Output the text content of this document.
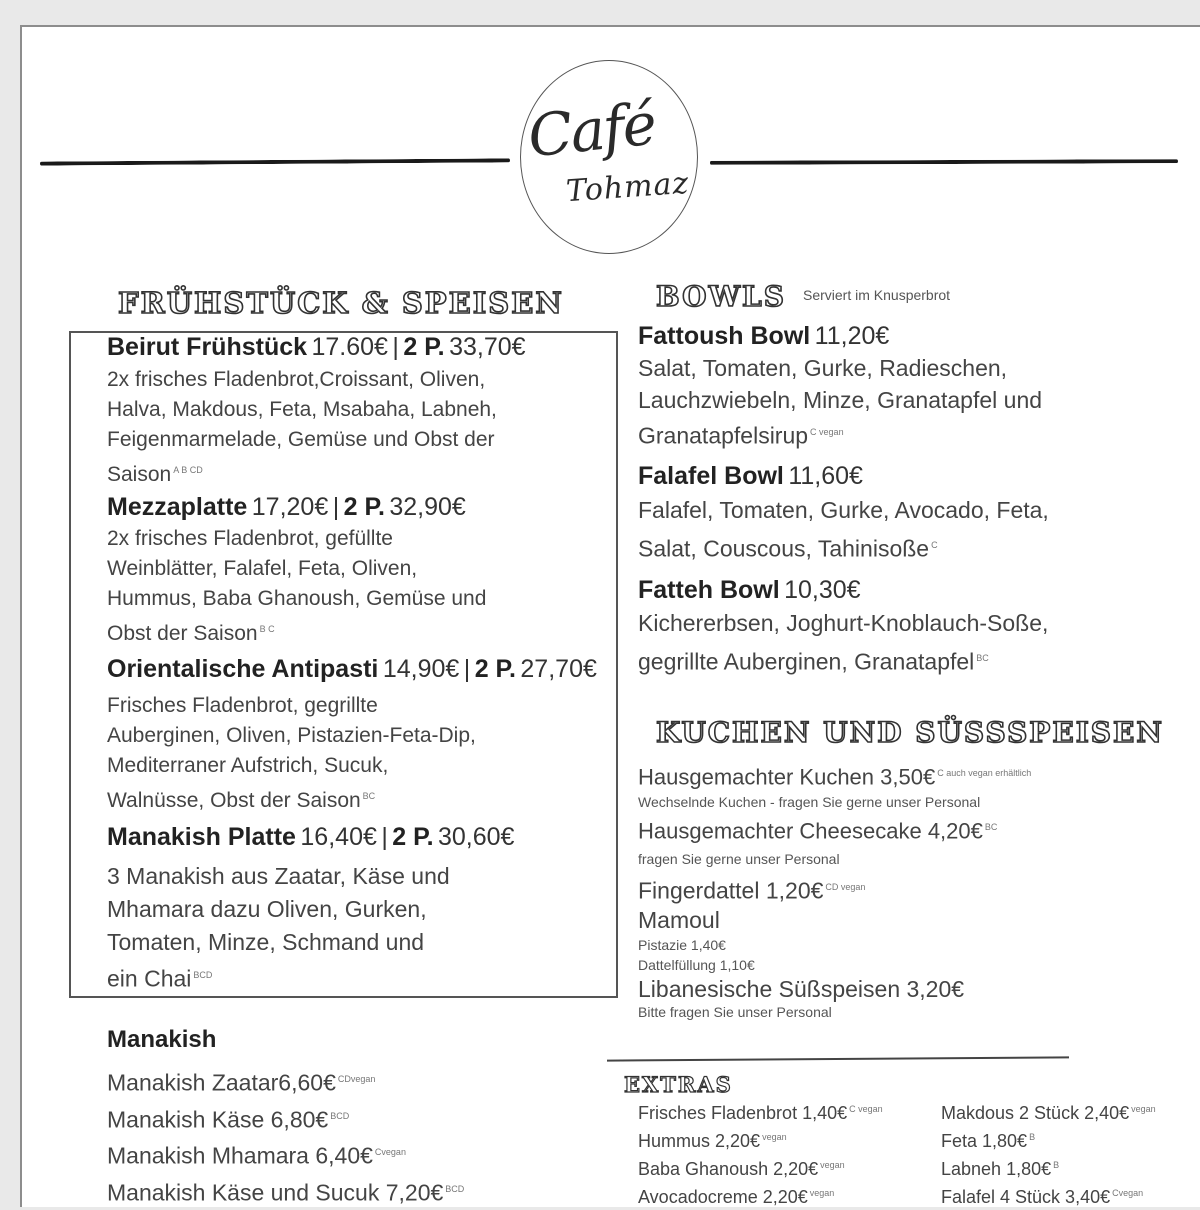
Café
Tohmaz
FRÜHSTÜCK & SPEISEN
Beirut Frühstück 17.60€ | 2 P. 33,70€
2x frisches Fladenbrot,Croissant, Oliven,
Halva, Makdous, Feta, Msabaha, Labneh,
Feigenmarmelade, Gemüse und Obst der
Saison $^{A B CD}$
Mezzaplatte 17,20€ | 2 P. 32,90€
2x frisches Fladenbrot, gefüllte
Weinblätter, Falafel, Feta, Oliven,
Hummus, Baba Ghanoush, Gemüse und
Obst der Saison $^{B C}$
Orientalische Antipasti 14,90€ | 2 P. 27,70€
Frisches Fladenbrot, gegrillte
Auberginen, Oliven, Pistazien-Feta-Dip,
Mediterraner Aufstrich, Sucuk,
Walnüsse, Obst der Saison $^{BC}$
Manakish Platte 16,40€ | 2 P. 30,60€
3 Manakish aus Zaatar, Käse und
Mhamara dazu Oliven, Gurken,
Tomaten, Minze, Schmand und
ein Chai $^{BCD}$
Manakish
Manakish Zaatar6,60€ $^{CDvegan}$
Manakish Käse 6,80€ $^{BCD}$
Manakish Mhamara 6,40€ $^{Cvegan}$
Manakish Käse und Sucuk 7,20€ $^{BCD}$
BOWLS Serviert im Knusperbrot
Fattoush Bowl 11,20€
Salat, Tomaten, Gurke, Radieschen,
Lauchzwiebeln, Minze, Granatapfel und
Granatapfelsirup $^{C vegan}$
Falafel Bowl 11,60€
Falafel, Tomaten, Gurke, Avocado, Feta,
Salat, Couscous, Tahinisoße $^C$
Fatteh Bowl 10,30€
Kichererbsen, Joghurt-Knoblauch-Soße,
gegrillte Auberginen, Granatapfel $^{BC}$
KUCHEN UND SÜSSSPEISEN
Hausgemachter Kuchen 3,50€ $^{C auch vegan erhältlich}$
Wechselnde Kuchen - fragen Sie gerne unser Personal
Hausgemachter Cheesecake 4,20€ $^{BC}$
fragen Sie gerne unser Personal
Fingerdattel 1,20€ $^{CD vegan}$
Mamoul
Pistazie 1,40€
Dattelfüllung 1,10€
Libanesische Süßspeisen 3,20€
Bitte fragen Sie unser Personal
EXTRAS
Frisches Fladenbrot 1,40€ $^{C vegan}$
Hummus 2,20€ $^{vegan}$
Baba Ghanoush 2,20€ $^{vegan}$
Avocadocreme 2,20€ $^{vegan}$
Makdous 2 Stück 2,40€ $^{vegan}$
Feta 1,80€ $^B$
Labneh 1,80€ $^B$
Falafel 4 Stück 3,40€ $^{Cvegan}$
